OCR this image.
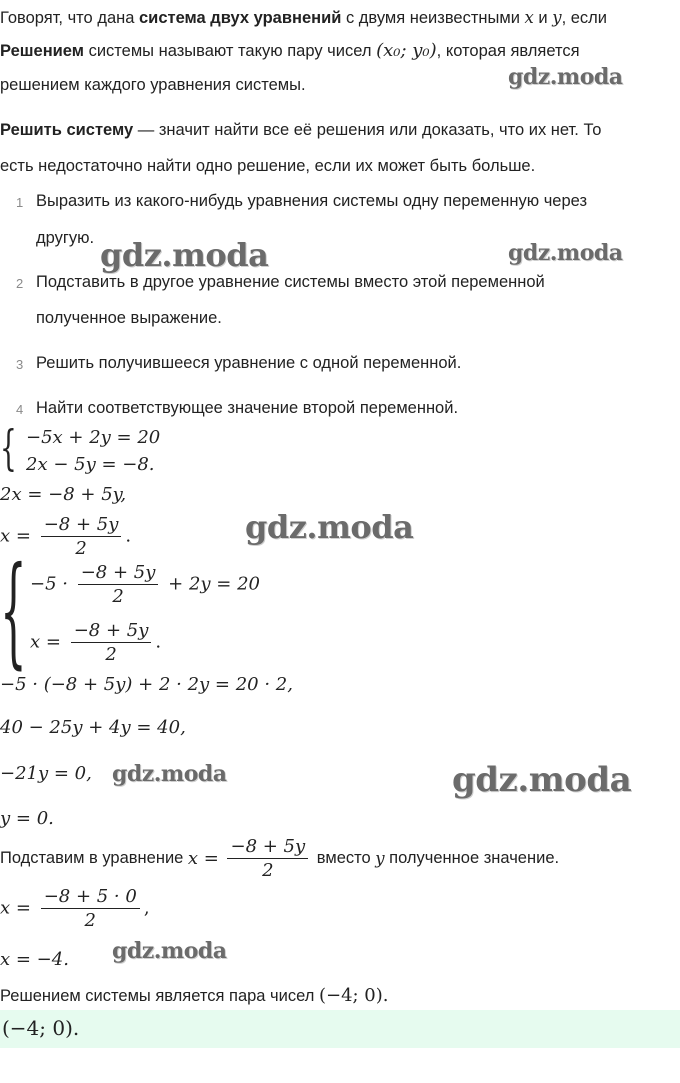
Говорят, что дана система двух уравнений с двумя неизвестными x и y, если
Решением системы называют такую пару чисел (x₀; y₀), которая является
решением каждого уравнения системы.
Решить систему — значит найти все её решения или доказать, что их нет. То
есть недостаточно найти одно решение, если их может быть больше.
1 Выразить из какого-нибудь уравнения системы одну переменную через
другую.
2 Подставить в другое уравнение системы вместо этой переменной
полученное выражение.
3 Решить получившееся уравнение с одной переменной.
4 Найти соответствующее значение второй переменной.
{ −5x + 2y = 20
2x − 5y = −8.
2x = −8 + 5y,
$x = \frac{-8 + 5y}{2}$ .
{ $-5 \cdot \frac{-8 + 5y}{2} + 2y = 20$
$x = \frac{-8 + 5y}{2}$ .
−5 · (−8 + 5y) + 2 · 2y = 20 · 2,
40 − 25y + 4y = 40,
−21y = 0,
y = 0.
Подставим в уравнение $x = \frac{-8 + 5y}{2}$ вместо y полученное значение.
$x = \frac{-8 + 5 \cdot 0}{2}$ ,
x = −4.
Решением системы является пара чисел (−4; 0).
(−4; 0).
gdz.moda
gdz.moda	gdz.moda
gdz.moda
gdz.moda	gdz.moda
gdz.moda
